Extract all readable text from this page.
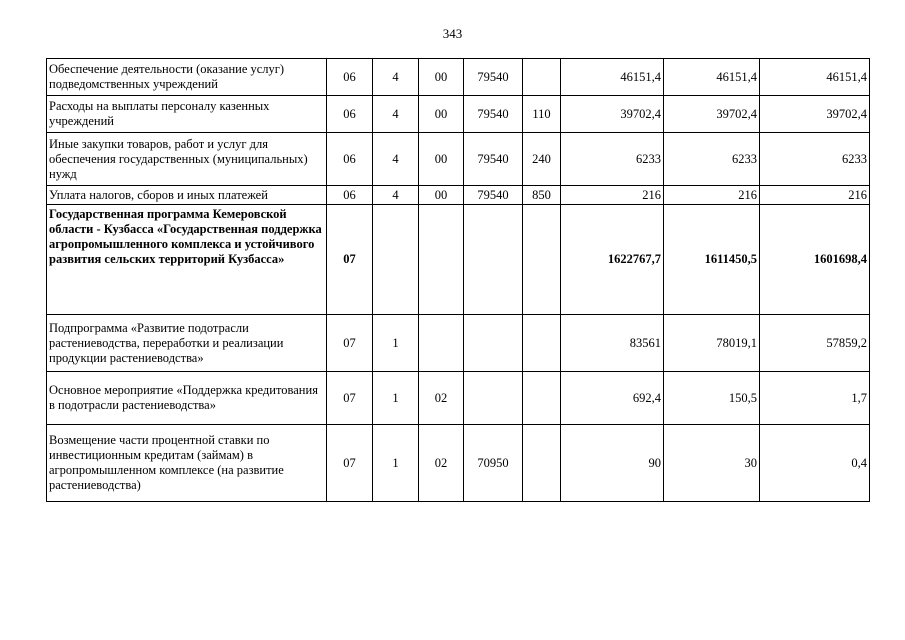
343
Обеспечение деятельности (оказание услуг) подведомственных учреждений	06	4	00	79540		46151,4	46151,4	46151,4
Расходы на выплаты персоналу казенных учреждений	06	4	00	79540	110	39702,4	39702,4	39702,4
Иные закупки товаров, работ и услуг для обеспечения государственных (муниципальных) нужд	06	4	00	79540	240	6233	6233	6233
Уплата налогов, сборов и иных платежей	06	4	00	79540	850	216	216	216
Государственная программа Кемеровской области - Кузбасса «Государственная поддержка агропромышленного комплекса и устойчивого развития сельских территорий Кузбасса»	07					1622767,7	1611450,5	1601698,4
Подпрограмма «Развитие подотрасли растениеводства, переработки и реализации продукции растениеводства»	07	1				83561	78019,1	57859,2
Основное мероприятие «Поддержка кредитования в подотрасли растениеводства»	07	1	02			692,4	150,5	1,7
Возмещение части процентной ставки по инвестиционным кредитам (займам) в агропромышленном комплексе (на развитие растениеводства)	07	1	02	70950		90	30	0,4
